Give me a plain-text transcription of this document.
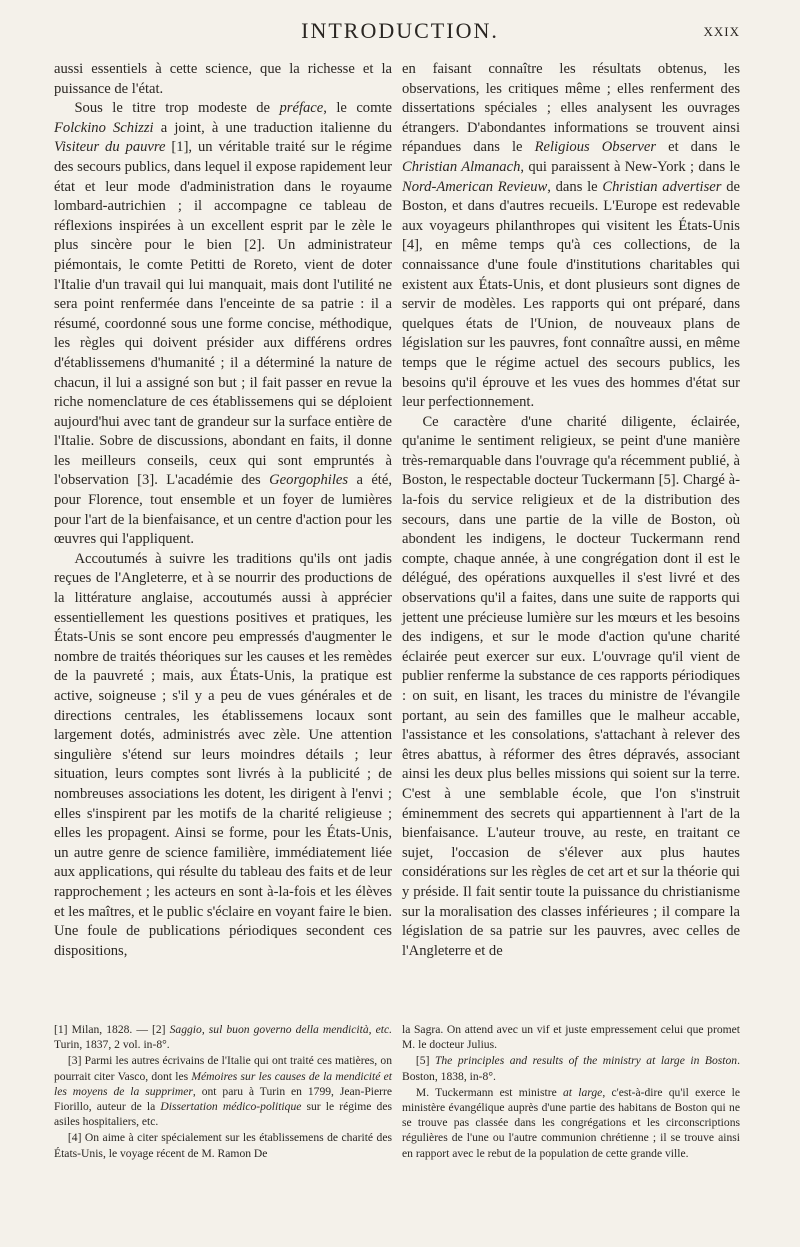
INTRODUCTION.	XXIX

aussi essentiels à cette science, que la richesse et la puissance de l'état.

Sous le titre trop modeste de préface, le comte Folckino Schizzi a joint, à une traduction italienne du Visiteur du pauvre [1], un véritable traité sur le régime des secours publics, dans lequel il expose rapidement leur état et leur mode d'administration dans le royaume lombard-autrichien ; il accompagne ce tableau de réflexions inspirées à un excellent esprit par le zèle le plus sincère pour le bien [2]. Un administrateur piémontais, le comte Petitti de Roreto, vient de doter l'Italie d'un travail qui lui manquait, mais dont l'utilité ne sera point renfermée dans l'enceinte de sa patrie : il a résumé, coordonné sous une forme concise, méthodique, les règles qui doivent présider aux différens ordres d'établissemens d'humanité ; il a déterminé la nature de chacun, il lui a assigné son but ; il fait passer en revue la riche nomenclature de ces établissemens qui se déploient aujourd'hui avec tant de grandeur sur la surface entière de l'Italie. Sobre de discussions, abondant en faits, il donne les meilleurs conseils, ceux qui sont empruntés à l'observation [3]. L'académie des Georgophiles a été, pour Florence, tout ensemble et un foyer de lumières pour l'art de la bienfaisance, et un centre d'action pour les œuvres qui l'appliquent.

Accoutumés à suivre les traditions qu'ils ont jadis reçues de l'Angleterre, et à se nourrir des productions de la littérature anglaise, accoutumés aussi à apprécier essentiellement les questions positives et pratiques, les États-Unis se sont encore peu empressés d'augmenter le nombre de traités théoriques sur les causes et les remèdes de la pauvreté ; mais, aux États-Unis, la pratique est active, soigneuse ; s'il y a peu de vues générales et de directions centrales, les établissemens locaux sont largement dotés, administrés avec zèle. Une attention singulière s'étend sur leurs moindres détails ; leur situation, leurs comptes sont livrés à la publicité ; de nombreuses associations les dotent, les dirigent à l'envi ; elles s'inspirent par les motifs de la charité religieuse ; elles les propagent. Ainsi se forme, pour les États-Unis, un autre genre de science familière, immédiatement liée aux applications, qui résulte du tableau des faits et de leur rapprochement ; les acteurs en sont à-la-fois et les élèves et les maîtres, et le public s'éclaire en voyant faire le bien. Une foule de publications périodiques secondent ces dispositions,

en faisant connaître les résultats obtenus, les observations, les critiques même ; elles renferment des dissertations spéciales ; elles analysent les ouvrages étrangers. D'abondantes informations se trouvent ainsi répandues dans le Religious Observer et dans le Christian Almanach, qui paraissent à New-York ; dans le Nord-American Revieuw, dans le Christian advertiser de Boston, et dans d'autres recueils. L'Europe est redevable aux voyageurs philanthropes qui visitent les États-Unis [4], en même temps qu'à ces collections, de la connaissance d'une foule d'institutions charitables qui existent aux États-Unis, et dont plusieurs sont dignes de servir de modèles. Les rapports qui ont préparé, dans quelques états de l'Union, de nouveaux plans de législation sur les pauvres, font connaître aussi, en même temps que le régime actuel des secours publics, les besoins qu'il éprouve et les vues des hommes d'état sur leur perfectionnement.

Ce caractère d'une charité diligente, éclairée, qu'anime le sentiment religieux, se peint d'une manière très-remarquable dans l'ouvrage qu'a récemment publié, à Boston, le respectable docteur Tuckermann [5]. Chargé à-la-fois du service religieux et de la distribution des secours, dans une partie de la ville de Boston, où abondent les indigens, le docteur Tuckermann rend compte, chaque année, à une congrégation dont il est le délégué, des opérations auxquelles il s'est livré et des observations qu'il a faites, dans une suite de rapports qui jettent une précieuse lumière sur les mœurs et les besoins des indigens, et sur le mode d'action qu'une charité éclairée peut exercer sur eux. L'ouvrage qu'il vient de publier renferme la substance de ces rapports périodiques : on suit, en lisant, les traces du ministre de l'évangile portant, au sein des familles que le malheur accable, l'assistance et les consolations, s'attachant à relever des êtres abattus, à réformer des êtres dépravés, associant ainsi les deux plus belles missions qui soient sur la terre. C'est à une semblable école, que l'on s'instruit éminemment des secrets qui appartiennent à l'art de la bienfaisance. L'auteur trouve, au reste, en traitant ce sujet, l'occasion de s'élever aux plus hautes considérations sur les règles de cet art et sur la théorie qui y préside. Il fait sentir toute la puissance du christianisme sur la moralisation des classes inférieures ; il compare la législation de sa patrie sur les pauvres, avec celles de l'Angleterre et de

[1] Milan, 1828. — [2] Saggio, sul buon governo della mendicità, etc. Turin, 1837, 2 vol. in-8°.

[3] Parmi les autres écrivains de l'Italie qui ont traité ces matières, on pourrait citer Vasco, dont les Mémoires sur les causes de la mendicité et les moyens de la supprimer, ont paru à Turin en 1799, Jean-Pierre Fiorillo, auteur de la Dissertation médico-politique sur le régime des asiles hospitaliers, etc.

[4] On aime à citer spécialement sur les établissemens de charité des États-Unis, le voyage récent de M. Ramon De

la Sagra. On attend avec un vif et juste empressement celui que promet M. le docteur Julius.

[5] The principles and results of the ministry at large in Boston. Boston, 1838, in-8°.

M. Tuckermann est ministre at large, c'est-à-dire qu'il exerce le ministère évangélique auprès d'une partie des habitans de Boston qui ne se trouve pas classée dans les congrégations et les circonscriptions régulières de l'une ou l'autre communion chrétienne ; il se trouve ainsi en rapport avec le rebut de la population de cette grande ville.
